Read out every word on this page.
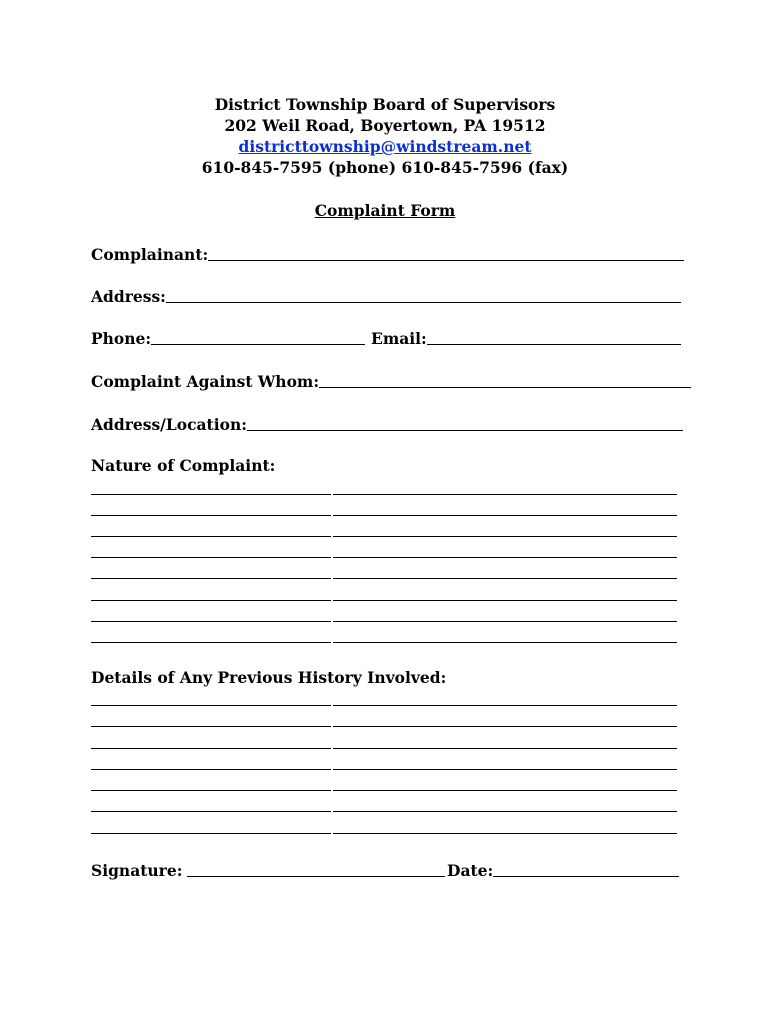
District Township Board of Supervisors
202 Weil Road, Boyertown, PA 19512
districttownship@windstream.net
610-845-7595 (phone) 610-845-7596 (fax)
Complaint Form
Complainant:
Address:
Phone:	Email:
Complaint Against Whom:
Address/Location:
Nature of Complaint:
Details of Any Previous History Involved:
Signature:	Date:
